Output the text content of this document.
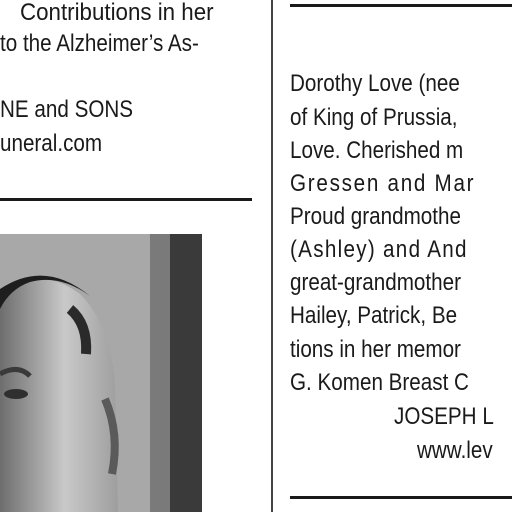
Contributions in her
to the Alzheimer’s As-
NE and SONS
uneral.com
Dorothy Love (nee
of King of Prussia,
Love. Cherished m
Gressen and Mar
Proud grandmothe
(Ashley) and And
great-grandmother
Hailey, Patrick, Be
tions in her memor
G. Komen Breast C
JOSEPH L
www.lev
